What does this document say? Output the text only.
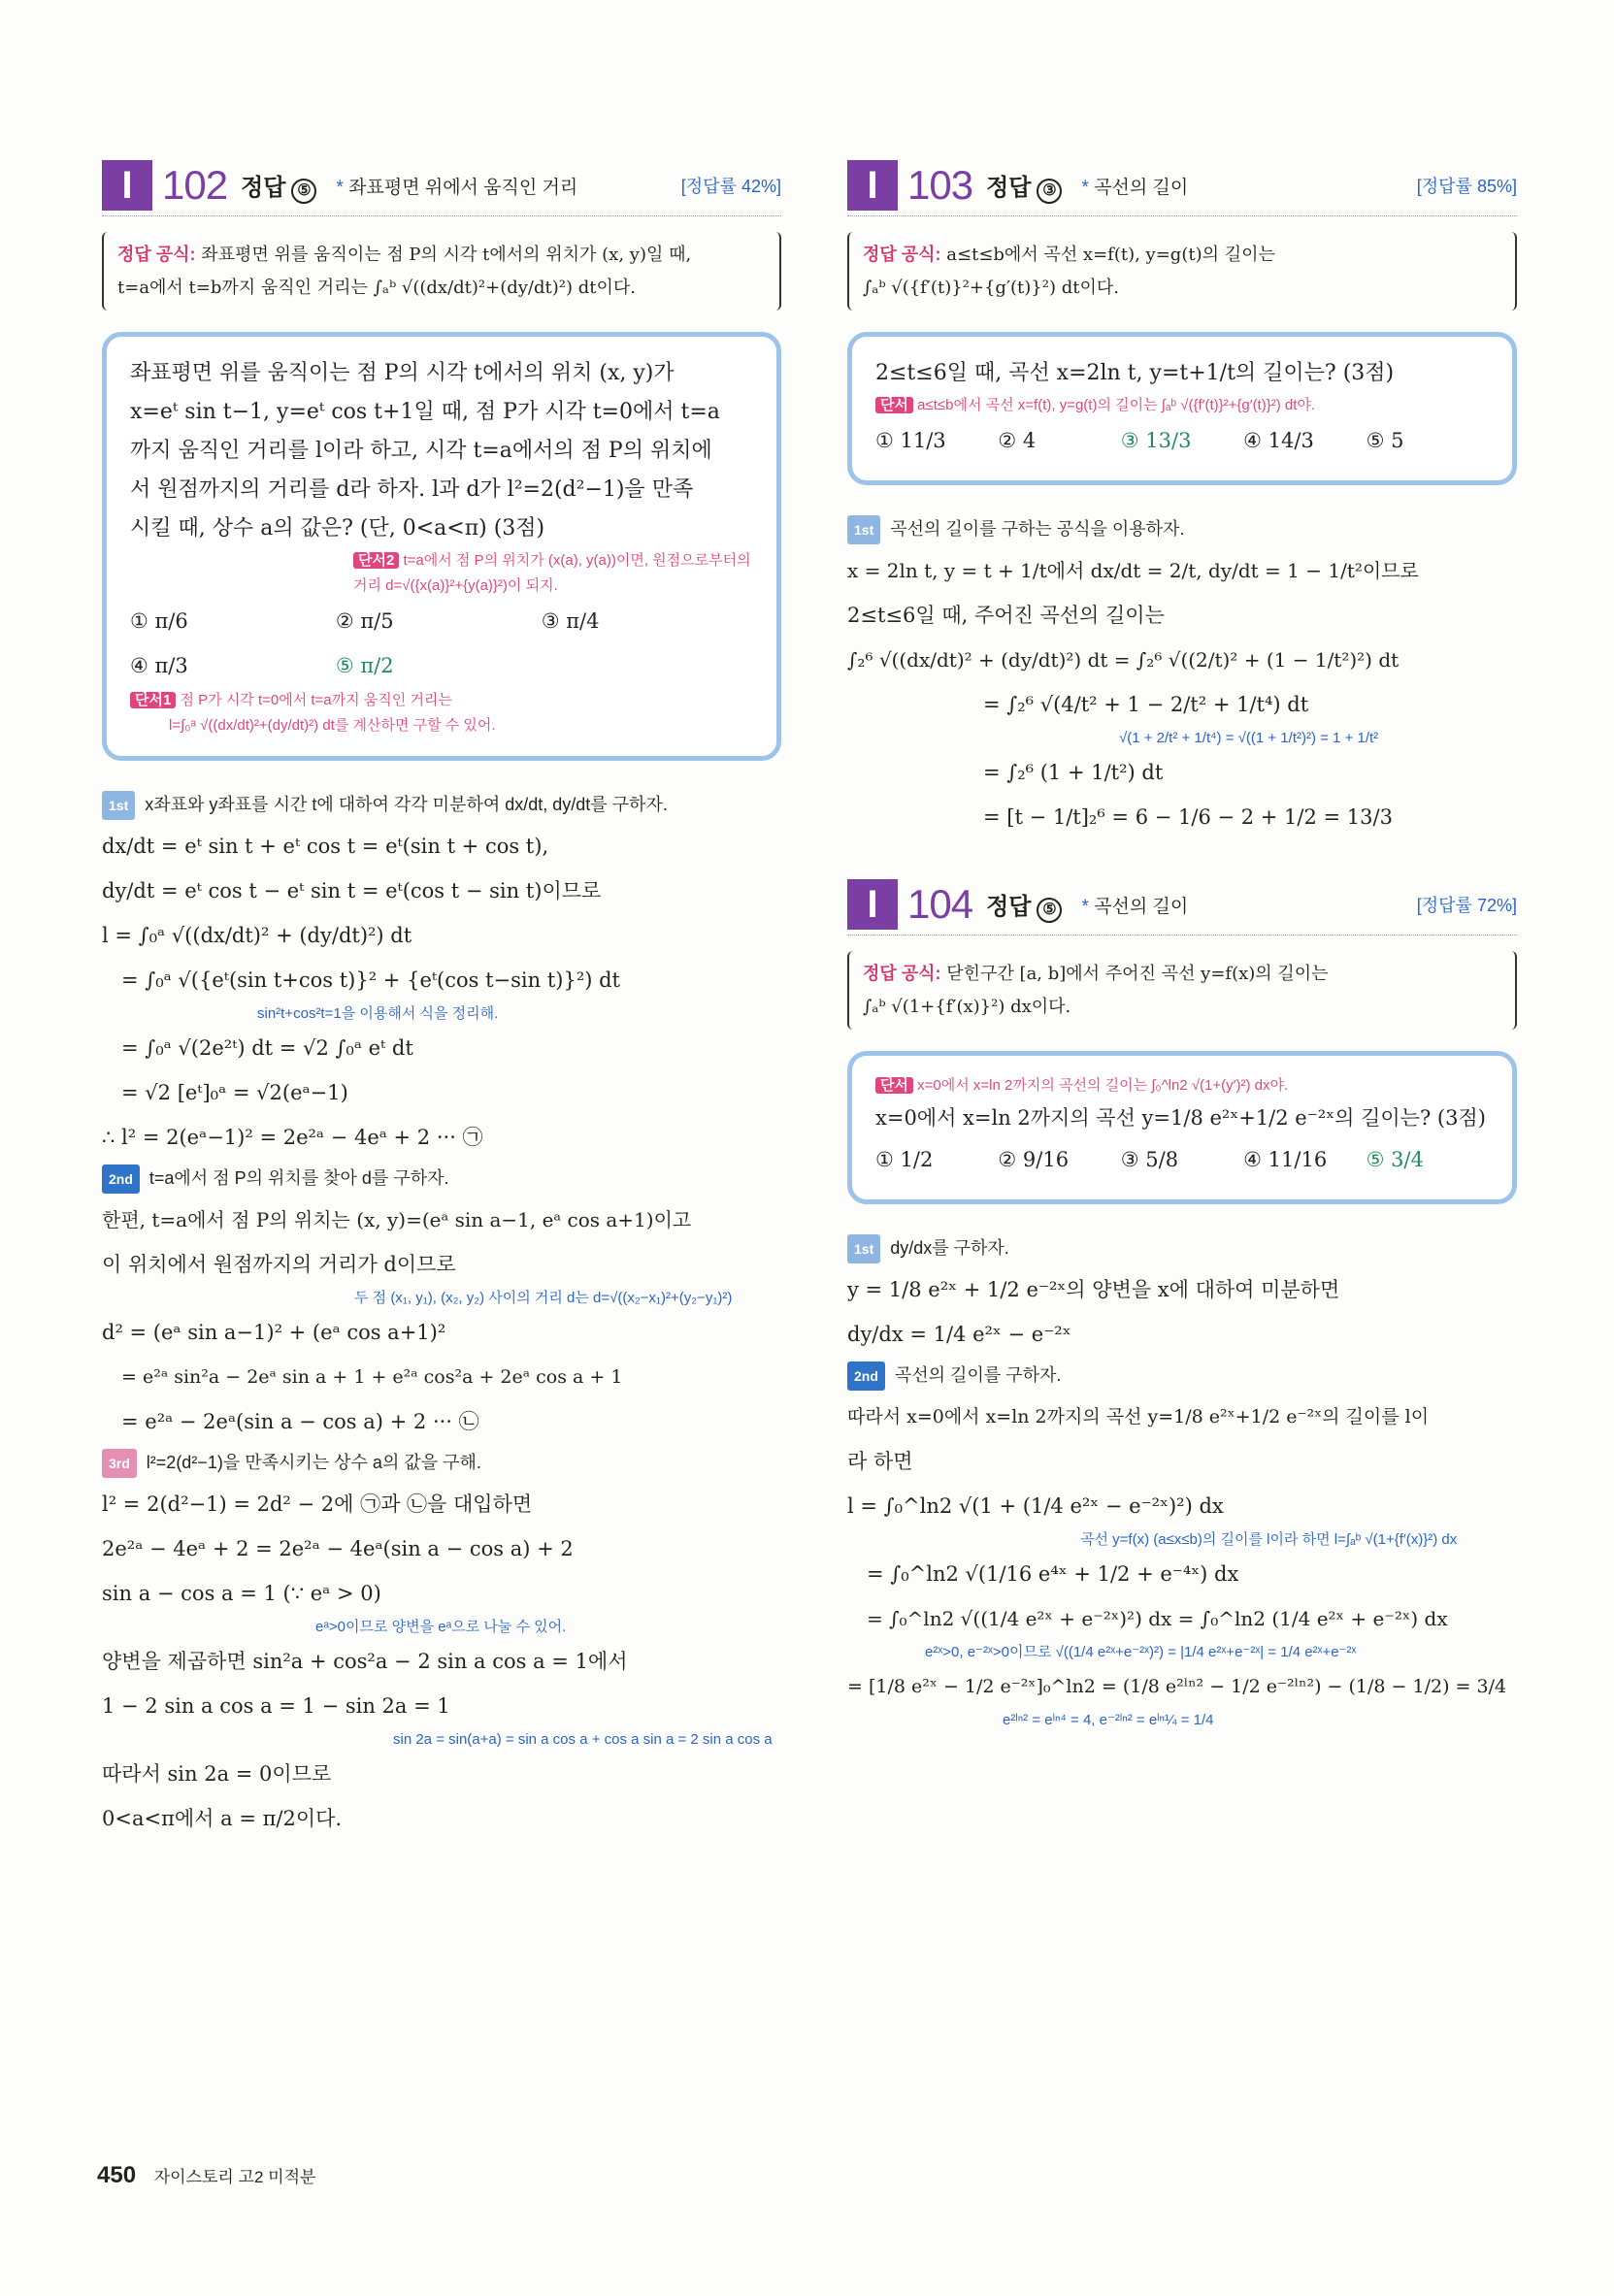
I 102 정답 ⑤	* 좌표평면 위에서 움직인 거리	[정답률 42%]
정답 공식: 좌표평면 위를 움직이는 점 P의 시각 t에서의 위치가 (x, y)일 때,
t=a에서 t=b까지 움직인 거리는 ∫ₐᵇ √((dx/dt)²+(dy/dt)²) dt이다.

좌표평면 위를 움직이는 점 P의 시각 t에서의 위치 (x, y)가

x=eᵗ sin t−1, y=eᵗ cos t+1일 때, 점 P가 시각 t=0에서 t=a

까지 움직인 거리를 l이라 하고, 시각 t=a에서의 점 P의 위치에

서 원점까지의 거리를 d라 하자. l과 d가 l²=2(d²−1)을 만족

시킬 때, 상수 a의 값은? (단, 0<a<π) (3점)

단서2 t=a에서 점 P의 위치가 (x(a), y(a))이면, 원점으로부터의 거리 d=√({x(a)}²+{y(a)}²)이 되지.
① π/6	② π/5	③ π/4
④ π/3	⑤ π/2
단서1 점 P가 시각 t=0에서 t=a까지 움직인 거리는
l=∫₀ᵃ √((dx/dt)²+(dy/dt)²) dt를 계산하면 구할 수 있어.
1st x좌표와 y좌표를 시간 t에 대하여 각각 미분하여 dx/dt, dy/dt를 구하자.

dx/dt = eᵗ sin t + eᵗ cos t = eᵗ(sin t + cos t),

dy/dt = eᵗ cos t − eᵗ sin t = eᵗ(cos t − sin t)이므로

l = ∫₀ᵃ √((dx/dt)² + (dy/dt)²) dt

= ∫₀ᵃ √({eᵗ(sin t+cos t)}² + {eᵗ(cos t−sin t)}²) dt

sin²t+cos²t=1을 이용해서 식을 정리해.

= ∫₀ᵃ √(2e²ᵗ) dt = √2 ∫₀ᵃ eᵗ dt

= √2 [eᵗ]₀ᵃ = √2(eᵃ−1)

∴ l² = 2(eᵃ−1)² = 2e²ᵃ − 4eᵃ + 2 ··· ㉠

2nd t=a에서 점 P의 위치를 찾아 d를 구하자.

한편, t=a에서 점 P의 위치는 (x, y)=(eᵃ sin a−1, eᵃ cos a+1)이고

이 위치에서 원점까지의 거리가 d이므로

두 점 (x₁, y₁), (x₂, y₂) 사이의 거리 d는 d=√((x₂−x₁)²+(y₂−y₁)²)

d² = (eᵃ sin a−1)² + (eᵃ cos a+1)²

= e²ᵃ sin²a − 2eᵃ sin a + 1 + e²ᵃ cos²a + 2eᵃ cos a + 1

= e²ᵃ − 2eᵃ(sin a − cos a) + 2 ··· ㉡

3rd l²=2(d²−1)을 만족시키는 상수 a의 값을 구해.

l² = 2(d²−1) = 2d² − 2에 ㉠과 ㉡을 대입하면

2e²ᵃ − 4eᵃ + 2 = 2e²ᵃ − 4eᵃ(sin a − cos a) + 2

sin a − cos a = 1 (∵ eᵃ > 0)

eᵃ>0이므로 양변을 eᵃ으로 나눌 수 있어.

양변을 제곱하면 sin²a + cos²a − 2 sin a cos a = 1에서

1 − 2 sin a cos a = 1 − sin 2a = 1

sin 2a = sin(a+a) = sin a cos a + cos a sin a = 2 sin a cos a

따라서 sin 2a = 0이므로

0<a<π에서 a = π/2이다.

I 103 정답 ③	* 곡선의 길이	[정답률 85%]
정답 공식: a≤t≤b에서 곡선 x=f(t), y=g(t)의 길이는
∫ₐᵇ √({f′(t)}²+{g′(t)}²) dt이다.

2≤t≤6일 때, 곡선 x=2ln t, y=t+1/t의 길이는? (3점)

단서 a≤t≤b에서 곡선 x=f(t), y=g(t)의 길이는 ∫ₐᵇ √({f′(t)}²+{g′(t)}²) dt야.
① 11/3	② 4	③ 13/3	④ 14/3	⑤ 5
1st 곡선의 길이를 구하는 공식을 이용하자.

x = 2ln t, y = t + 1/t에서 dx/dt = 2/t, dy/dt = 1 − 1/t²이므로

2≤t≤6일 때, 주어진 곡선의 길이는

∫₂⁶ √((dx/dt)² + (dy/dt)²) dt = ∫₂⁶ √((2/t)² + (1 − 1/t²)²) dt

= ∫₂⁶ √(4/t² + 1 − 2/t² + 1/t⁴) dt

√(1 + 2/t² + 1/t⁴) = √((1 + 1/t²)²) = 1 + 1/t²

= ∫₂⁶ (1 + 1/t²) dt

= [t − 1/t]₂⁶ = 6 − 1/6 − 2 + 1/2 = 13/3

I 104 정답 ⑤	* 곡선의 길이	[정답률 72%]
정답 공식: 닫힌구간 [a, b]에서 주어진 곡선 y=f(x)의 길이는
∫ₐᵇ √(1+{f′(x)}²) dx이다.
단서 x=0에서 x=ln 2까지의 곡선의 길이는 ∫₀^ln2 √(1+(y′)²) dx야.

x=0에서 x=ln 2까지의 곡선 y=1/8 e²ˣ+1/2 e⁻²ˣ의 길이는? (3점)

① 1/2	② 9/16	③ 5/8	④ 11/16	⑤ 3/4
1st dy/dx를 구하자.

y = 1/8 e²ˣ + 1/2 e⁻²ˣ의 양변을 x에 대하여 미분하면

dy/dx = 1/4 e²ˣ − e⁻²ˣ

2nd 곡선의 길이를 구하자.

따라서 x=0에서 x=ln 2까지의 곡선 y=1/8 e²ˣ+1/2 e⁻²ˣ의 길이를 l이

라 하면

l = ∫₀^ln2 √(1 + (1/4 e²ˣ − e⁻²ˣ)²) dx

곡선 y=f(x) (a≤x≤b)의 길이를 l이라 하면 l=∫ₐᵇ √(1+{f′(x)}²) dx

= ∫₀^ln2 √(1/16 e⁴ˣ + 1/2 + e⁻⁴ˣ) dx

= ∫₀^ln2 √((1/4 e²ˣ + e⁻²ˣ)²) dx = ∫₀^ln2 (1/4 e²ˣ + e⁻²ˣ) dx

e²ˣ>0, e⁻²ˣ>0이므로 √((1/4 e²ˣ+e⁻²ˣ)²) = |1/4 e²ˣ+e⁻²ˣ| = 1/4 e²ˣ+e⁻²ˣ

= [1/8 e²ˣ − 1/2 e⁻²ˣ]₀^ln2 = (1/8 e²ˡⁿ² − 1/2 e⁻²ˡⁿ²) − (1/8 − 1/2) = 3/4

e²ˡⁿ² = eˡⁿ⁴ = 4, e⁻²ˡⁿ² = eˡⁿ¼ = 1/4
450 자이스토리 고2 미적분
